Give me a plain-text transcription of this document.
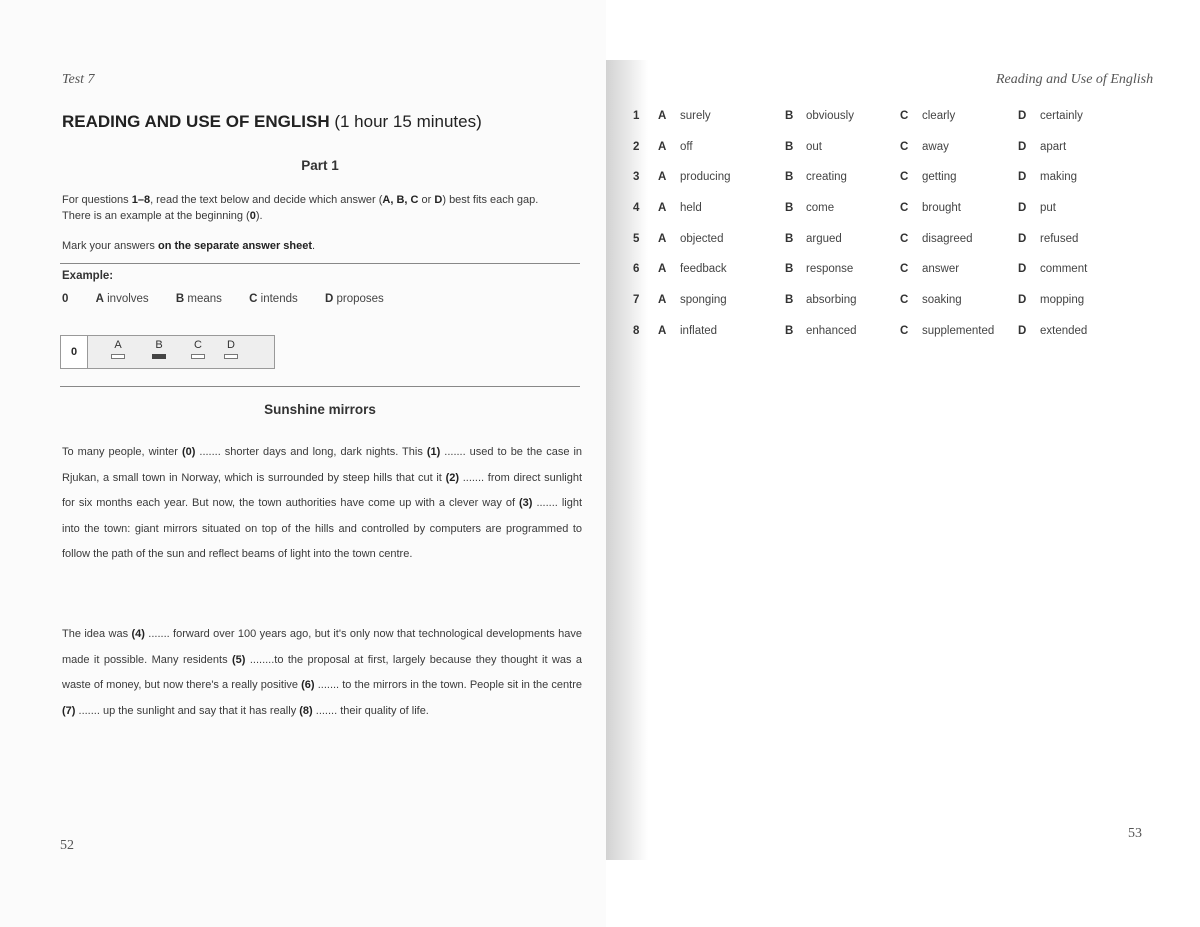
Test 7
READING AND USE OF ENGLISH (1 hour 15 minutes)
Part 1
For questions 1–8, read the text below and decide which answer (A, B, C or D) best fits each gap.
There is an example at the beginning (0).
Mark your answers on the separate answer sheet.
Example:
0 A involves B means C intends D proposes
0
A	B	C	D
Sunshine mirrors
To many people, winter (0) ....... shorter days and long, dark nights. This (1) ....... used to be the case in Rjukan, a small town in Norway, which is surrounded by steep hills that cut it (2) ....... from direct sunlight for six months each year. But now, the town authorities have come up with a clever way of (3) ....... light into the town: giant mirrors situated on top of the hills and controlled by computers are programmed to follow the path of the sun and reflect beams of light into the town centre.
The idea was (4) ....... forward over 100 years ago, but it's only now that technological developments have made it possible. Many residents (5) ........to the proposal at first, largely because they thought it was a waste of money, but now there's a really positive (6) ....... to the mirrors in the town. People sit in the centre (7) ....... up the sunlight and say that it has really (8) ....... their quality of life.
52
Reading and Use of English
1 A surely	B obviously	C clearly	D certainly
2 A off	B out	C away	D apart
3 A producing	B creating	C getting	D making
4 A held	B come	C brought	D put
5 A objected	B argued	C disagreed	D refused
6 A feedback	B response	C answer	D comment
7 A sponging	B absorbing	C soaking	D mopping
8 A inflated	B enhanced	C supplemented D extended
53
